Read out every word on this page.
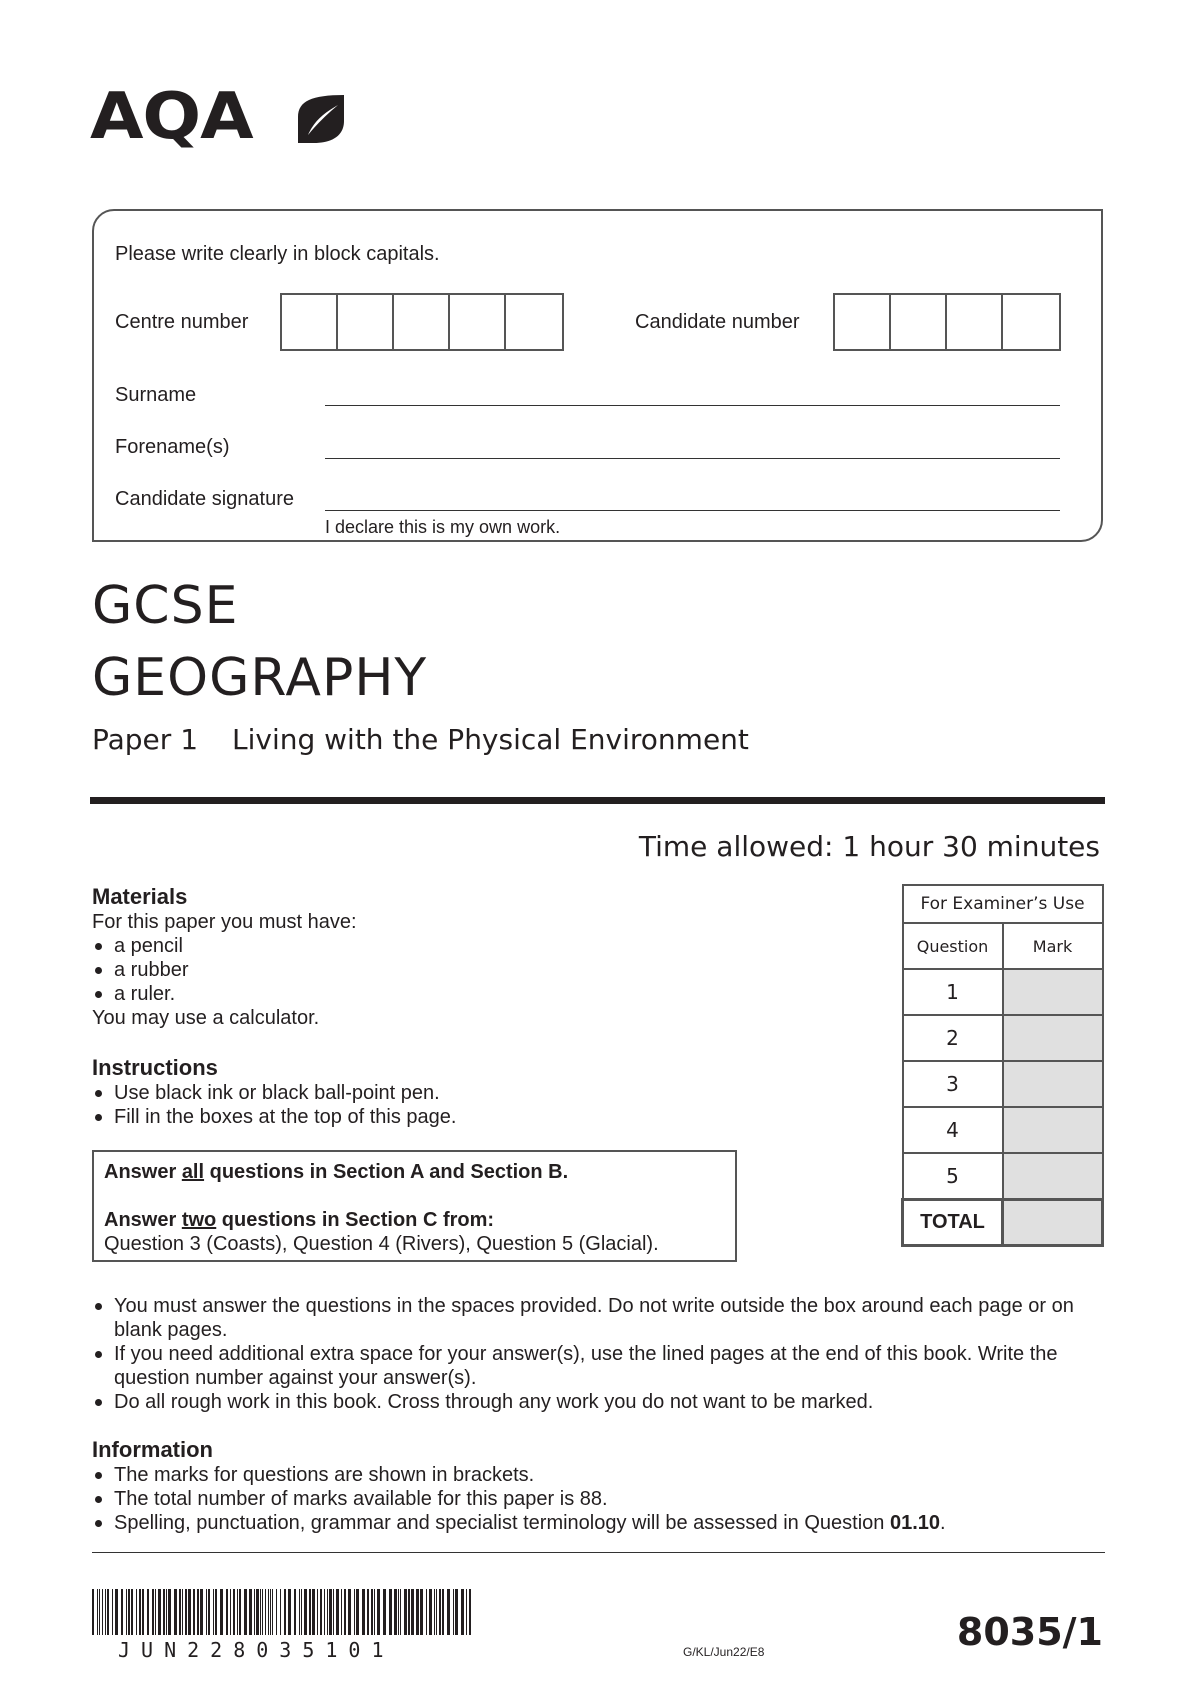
AQA
Please write clearly in block capitals.
Centre number	Candidate number
Surname
Forename(s)
Candidate signature
I declare this is my own work.
GCSE
GEOGRAPHY
Paper 1 Living with the Physical Environment
Time allowed: 1 hour 30 minutes
Materials
For this paper you must have:
a pencil
a rubber
a ruler.
You may use a calculator.
Instructions
Use black ink or black ball-point pen.
Fill in the boxes at the top of this page.
Answer all questions in Section A and Section B.
Answer two questions in Section C from:
Question 3 (Coasts), Question 4 (Rivers), Question 5 (Glacial).
You must answer the questions in the spaces provided. Do not write outside the box around each page or on blank pages.
If you need additional extra space for your answer(s), use the lined pages at the end of this book. Write the question number against your answer(s).
Do all rough work in this book. Cross through any work you do not want to be marked.
Information
The marks for questions are shown in brackets.
The total number of marks available for this paper is 88.
Spelling, punctuation, grammar and specialist terminology will be assessed in Question 01.10.
For Examiner’s Use	
Question	Mark
1	
2	
3	
4	
5	
TOTAL	
JUN228035101	G/KL/Jun22/E8	8035/1
